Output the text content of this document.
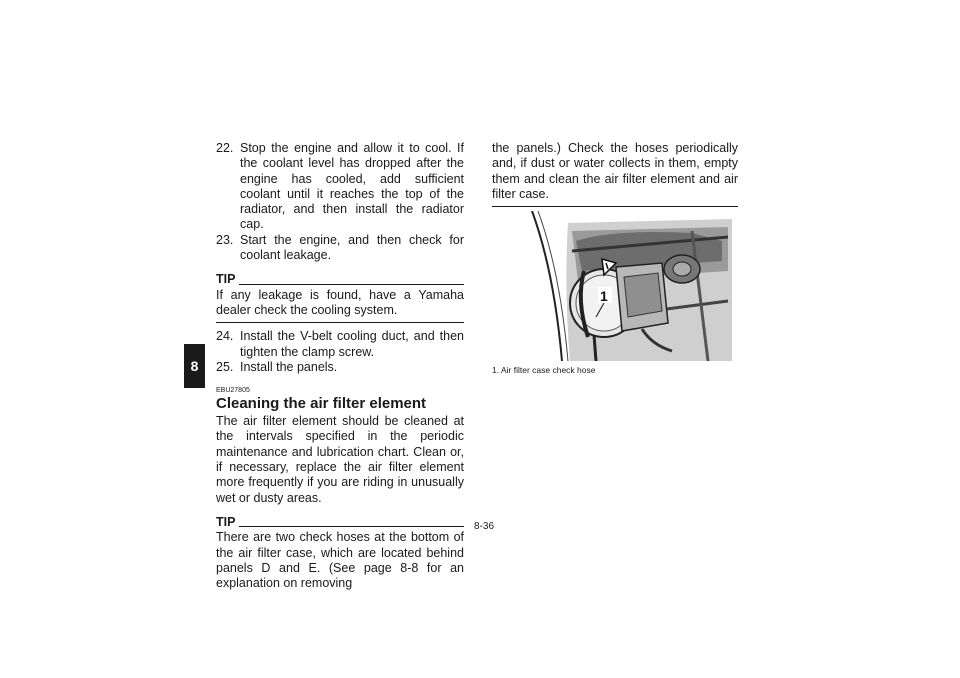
8
22. Stop the engine and allow it to cool. If the coolant level has dropped after the engine has cooled, add sufficient coolant until it reaches the top of the radiator, and then install the radiator cap.
23. Start the engine, and then check for coolant leakage.
TIP
If any leakage is found, have a Yamaha dealer check the cooling system.
24. Install the V-belt cooling duct, and then tighten the clamp screw.
25. Install the panels.
EBU27805
Cleaning the air filter element
The air filter element should be cleaned at the intervals specified in the periodic maintenance and lubrication chart. Clean or, if necessary, replace the air filter element more frequently if you are riding in unusually wet or dusty areas.
TIP
There are two check hoses at the bottom of the air filter case, which are located behind panels D and E. (See page 8-8 for an explanation on removing
the panels.) Check the hoses periodically and, if dust or water collects in them, empty them and clean the air filter element and air filter case.
1
1. Air filter case check hose
8-36
